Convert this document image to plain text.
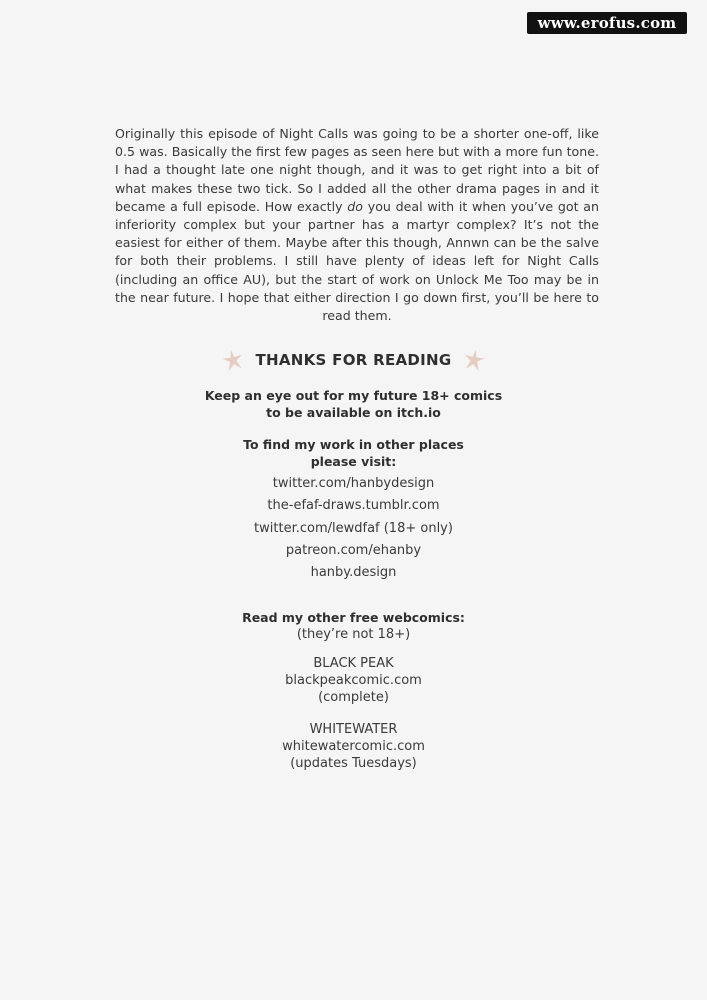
www.erofus.com

Originally this episode of Night Calls was going to be a shorter one-off, like 0.5 was. Basically the first few pages as seen here but with a more fun tone. I had a thought late one night though, and it was to get right into a bit of what makes these two tick. So I added all the other drama pages in and it became a full episode. How exactly do you deal with it when you’ve got an inferiority complex but your partner has a martyr complex? It’s not the easiest for either of them. Maybe after this though, Annwn can be the salve for both their problems. I still have plenty of ideas left for Night Calls (including an office AU), but the start of work on Unlock Me Too may be in the near future. I hope that either direction I go down first, you’ll be here to read them.

THANKS FOR READING
Keep an eye out for my future 18+ comics
to be available on itch.io
To find my work in other places
please visit:
twitter.com/hanbydesign
the-efaf-draws.tumblr.com
twitter.com/lewdfaf (18+ only)
patreon.com/ehanby
hanby.design
Read my other free webcomics:
(they’re not 18+)
BLACK PEAK
blackpeakcomic.com
(complete)
WHITEWATER
whitewatercomic.com
(updates Tuesdays)
